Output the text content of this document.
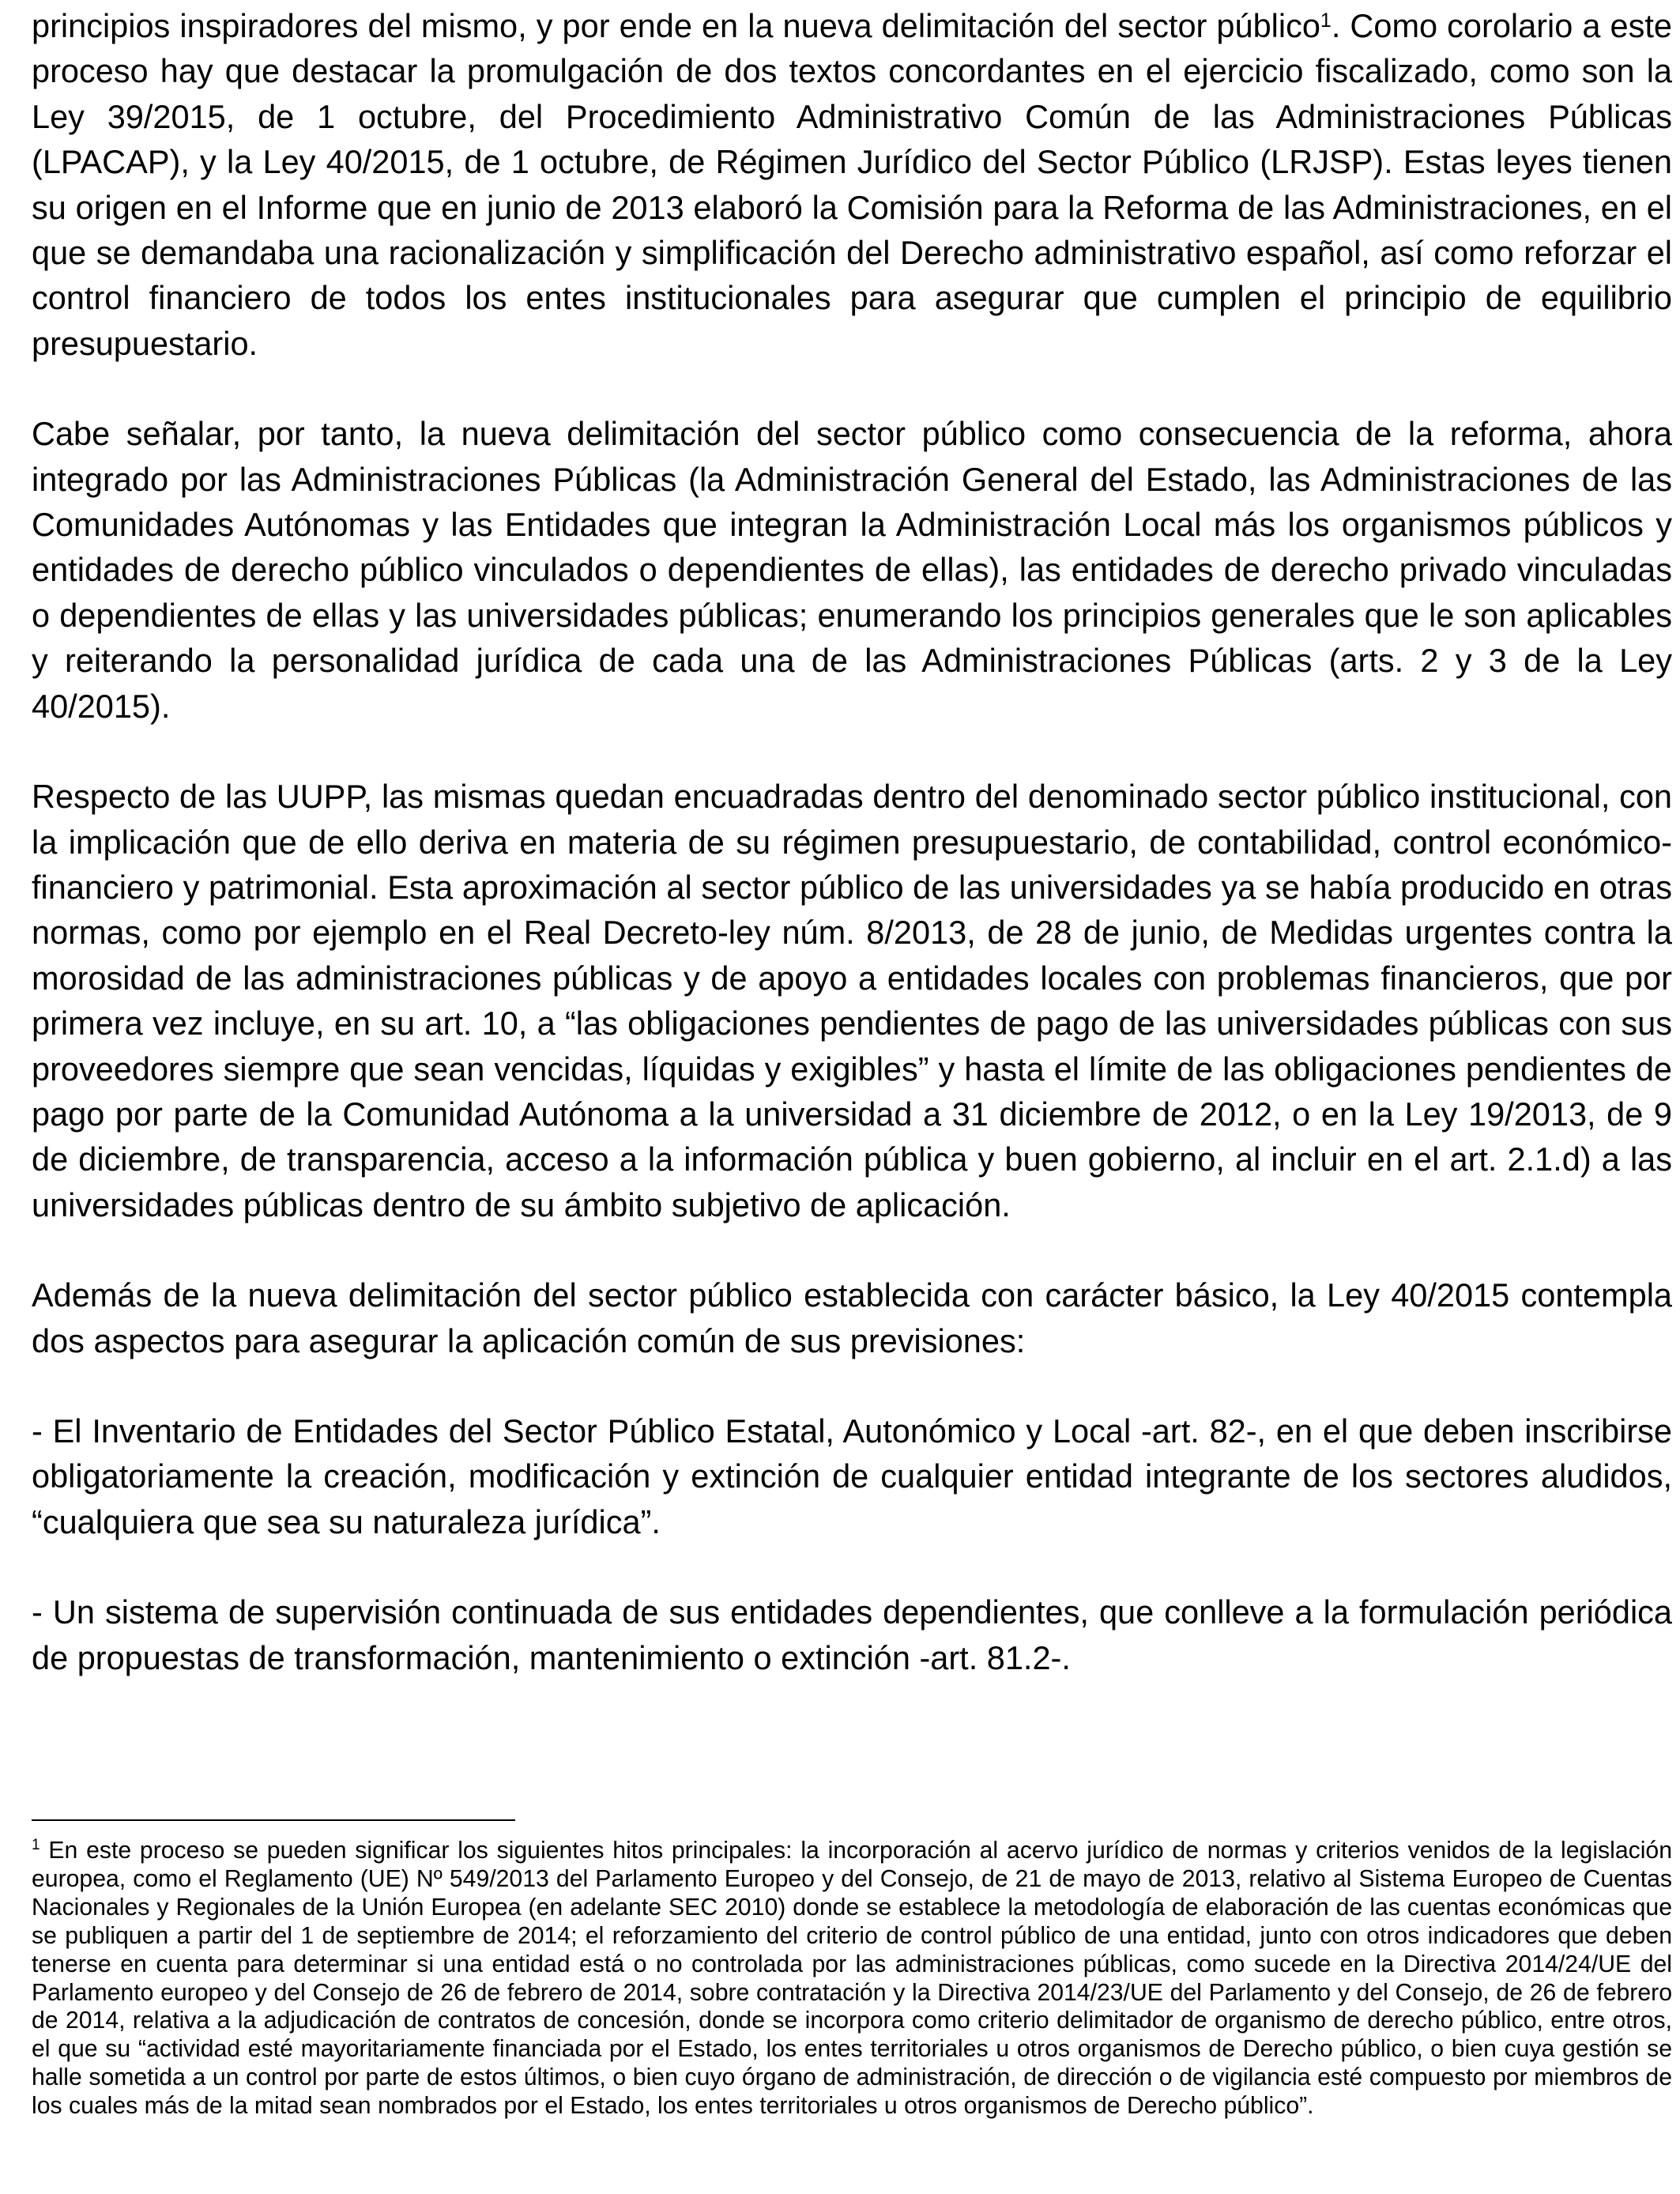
principios inspiradores del mismo, y por ende en la nueva delimitación del sector público$^1$. Como corolario a este proceso hay que destacar la promulgación de dos textos concordantes en el ejercicio fiscalizado, como son la Ley 39/2015, de 1 octubre, del Procedimiento Administrativo Común de las Administraciones Públicas (LPACAP), y la Ley 40/2015, de 1 octubre, de Régimen Jurídico del Sector Público (LRJSP). Estas leyes tienen su origen en el Informe que en junio de 2013 elaboró la Comisión para la Reforma de las Administraciones, en el que se demandaba una racionalización y simplificación del Derecho administrativo español, así como reforzar el control financiero de todos los entes institucionales para asegurar que cumplen el principio de equilibrio presupuestario.

Cabe señalar, por tanto, la nueva delimitación del sector público como consecuencia de la reforma, ahora integrado por las Administraciones Públicas (la Administración General del Estado, las Administraciones de las Comunidades Autónomas y las Entidades que integran la Administración Local más los organismos públicos y entidades de derecho público vinculados o dependientes de ellas), las entidades de derecho privado vinculadas o dependientes de ellas y las universidades públicas; enumerando los principios generales que le son aplicables y reiterando la personalidad jurídica de cada una de las Administraciones Públicas (arts. 2 y 3 de la Ley 40/2015).

Respecto de las UUPP, las mismas quedan encuadradas dentro del denominado sector público institucional, con la implicación que de ello deriva en materia de su régimen presupuestario, de contabilidad, control económico-financiero y patrimonial. Esta aproximación al sector público de las universidades ya se había producido en otras normas, como por ejemplo en el Real Decreto-ley núm. 8/2013, de 28 de junio, de Medidas urgentes contra la morosidad de las administraciones públicas y de apoyo a entidades locales con problemas financieros, que por primera vez incluye, en su art. 10, a “las obligaciones pendientes de pago de las universidades públicas con sus proveedores siempre que sean vencidas, líquidas y exigibles” y hasta el límite de las obligaciones pendientes de pago por parte de la Comunidad Autónoma a la universidad a 31 diciembre de 2012, o en la Ley 19/2013, de 9 de diciembre, de transparencia, acceso a la información pública y buen gobierno, al incluir en el art. 2.1.d) a las universidades públicas dentro de su ámbito subjetivo de aplicación.

Además de la nueva delimitación del sector público establecida con carácter básico, la Ley 40/2015 contempla dos aspectos para asegurar la aplicación común de sus previsiones:

- El Inventario de Entidades del Sector Público Estatal, Autonómico y Local -art. 82-, en el que deben inscribirse obligatoriamente la creación, modificación y extinción de cualquier entidad integrante de los sectores aludidos, “cualquiera que sea su naturaleza jurídica”.

- Un sistema de supervisión continuada de sus entidades dependientes, que conlleve a la formulación periódica de propuestas de transformación, mantenimiento o extinción -art. 81.2-.

$^1$ En este proceso se pueden significar los siguientes hitos principales: la incorporación al acervo jurídico de normas y criterios venidos de la legislación europea, como el Reglamento (UE) Nº 549/2013 del Parlamento Europeo y del Consejo, de 21 de mayo de 2013, relativo al Sistema Europeo de Cuentas Nacionales y Regionales de la Unión Europea (en adelante SEC 2010) donde se establece la metodología de elaboración de las cuentas económicas que se publiquen a partir del 1 de septiembre de 2014; el reforzamiento del criterio de control público de una entidad, junto con otros indicadores que deben tenerse en cuenta para determinar si una entidad está o no controlada por las administraciones públicas, como sucede en la Directiva 2014/24/UE del Parlamento europeo y del Consejo de 26 de febrero de 2014, sobre contratación y la Directiva 2014/23/UE del Parlamento y del Consejo, de 26 de febrero de 2014, relativa a la adjudicación de contratos de concesión, donde se incorpora como criterio delimitador de organismo de derecho público, entre otros, el que su “actividad esté mayoritariamente financiada por el Estado, los entes territoriales u otros organismos de Derecho público, o bien cuya gestión se halle sometida a un control por parte de estos últimos, o bien cuyo órgano de administración, de dirección o de vigilancia esté compuesto por miembros de los cuales más de la mitad sean nombrados por el Estado, los entes territoriales u otros organismos de Derecho público”.
